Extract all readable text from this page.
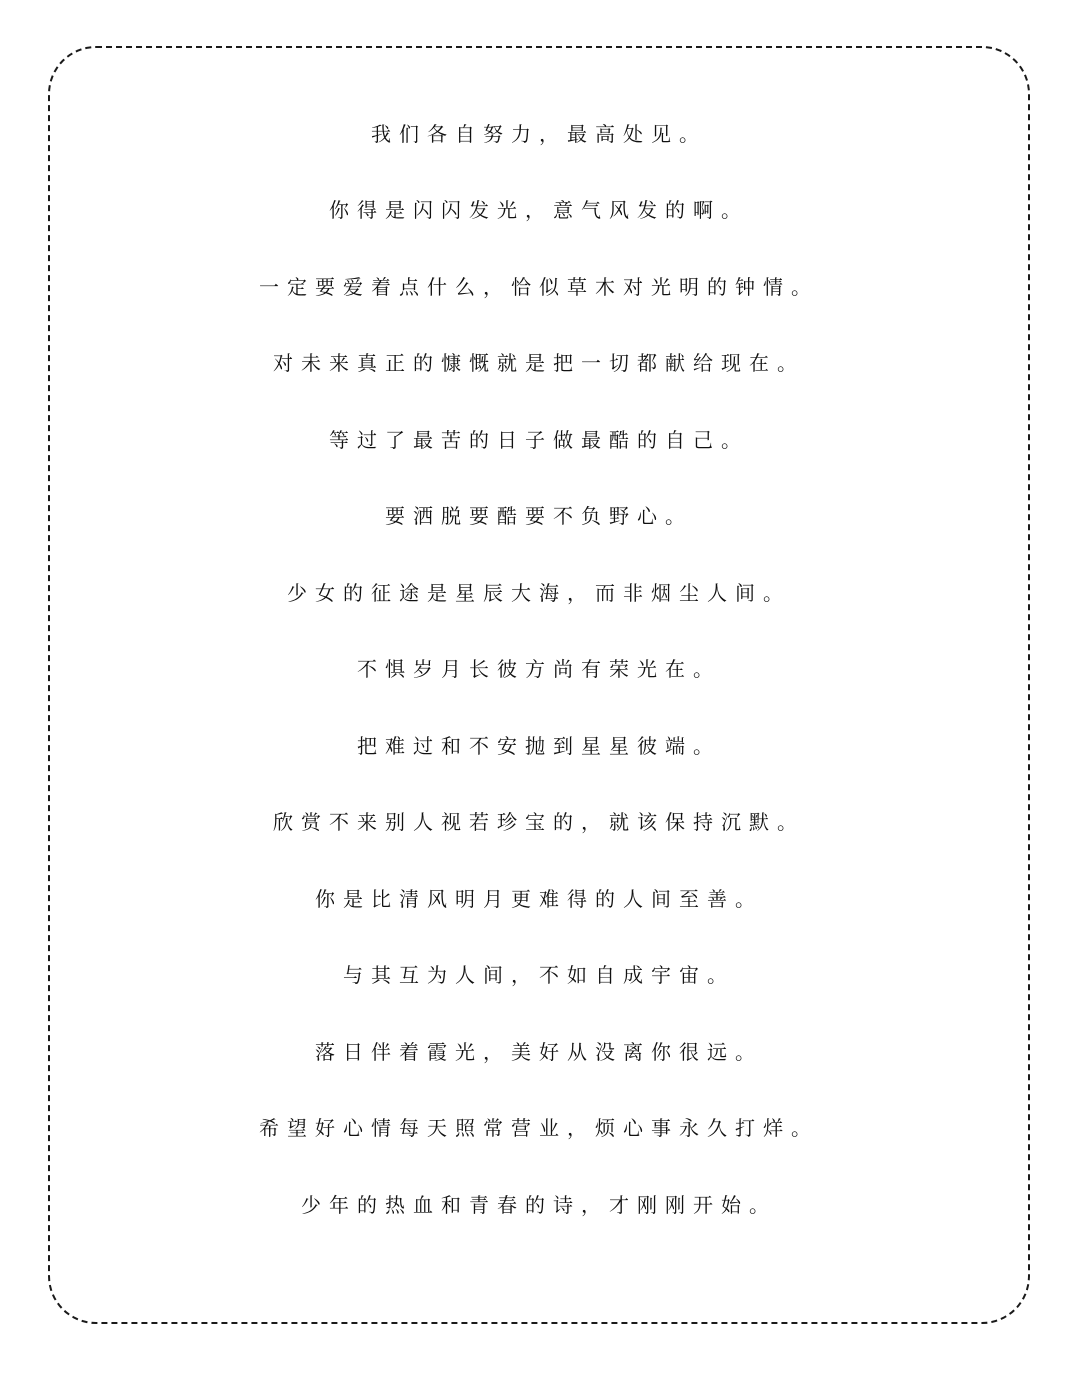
我们各自努力，最高处见。
你得是闪闪发光，意气风发的啊。
一定要爱着点什么，恰似草木对光明的钟情。
对未来真正的慷慨就是把一切都献给现在。
等过了最苦的日子做最酷的自己。
要洒脱要酷要不负野心。
少女的征途是星辰大海，而非烟尘人间。
不惧岁月长彼方尚有荣光在。
把难过和不安抛到星星彼端。
欣赏不来别人视若珍宝的，就该保持沉默。
你是比清风明月更难得的人间至善。
与其互为人间，不如自成宇宙。
落日伴着霞光，美好从没离你很远。
希望好心情每天照常营业，烦心事永久打烊。
少年的热血和青春的诗，才刚刚开始。
